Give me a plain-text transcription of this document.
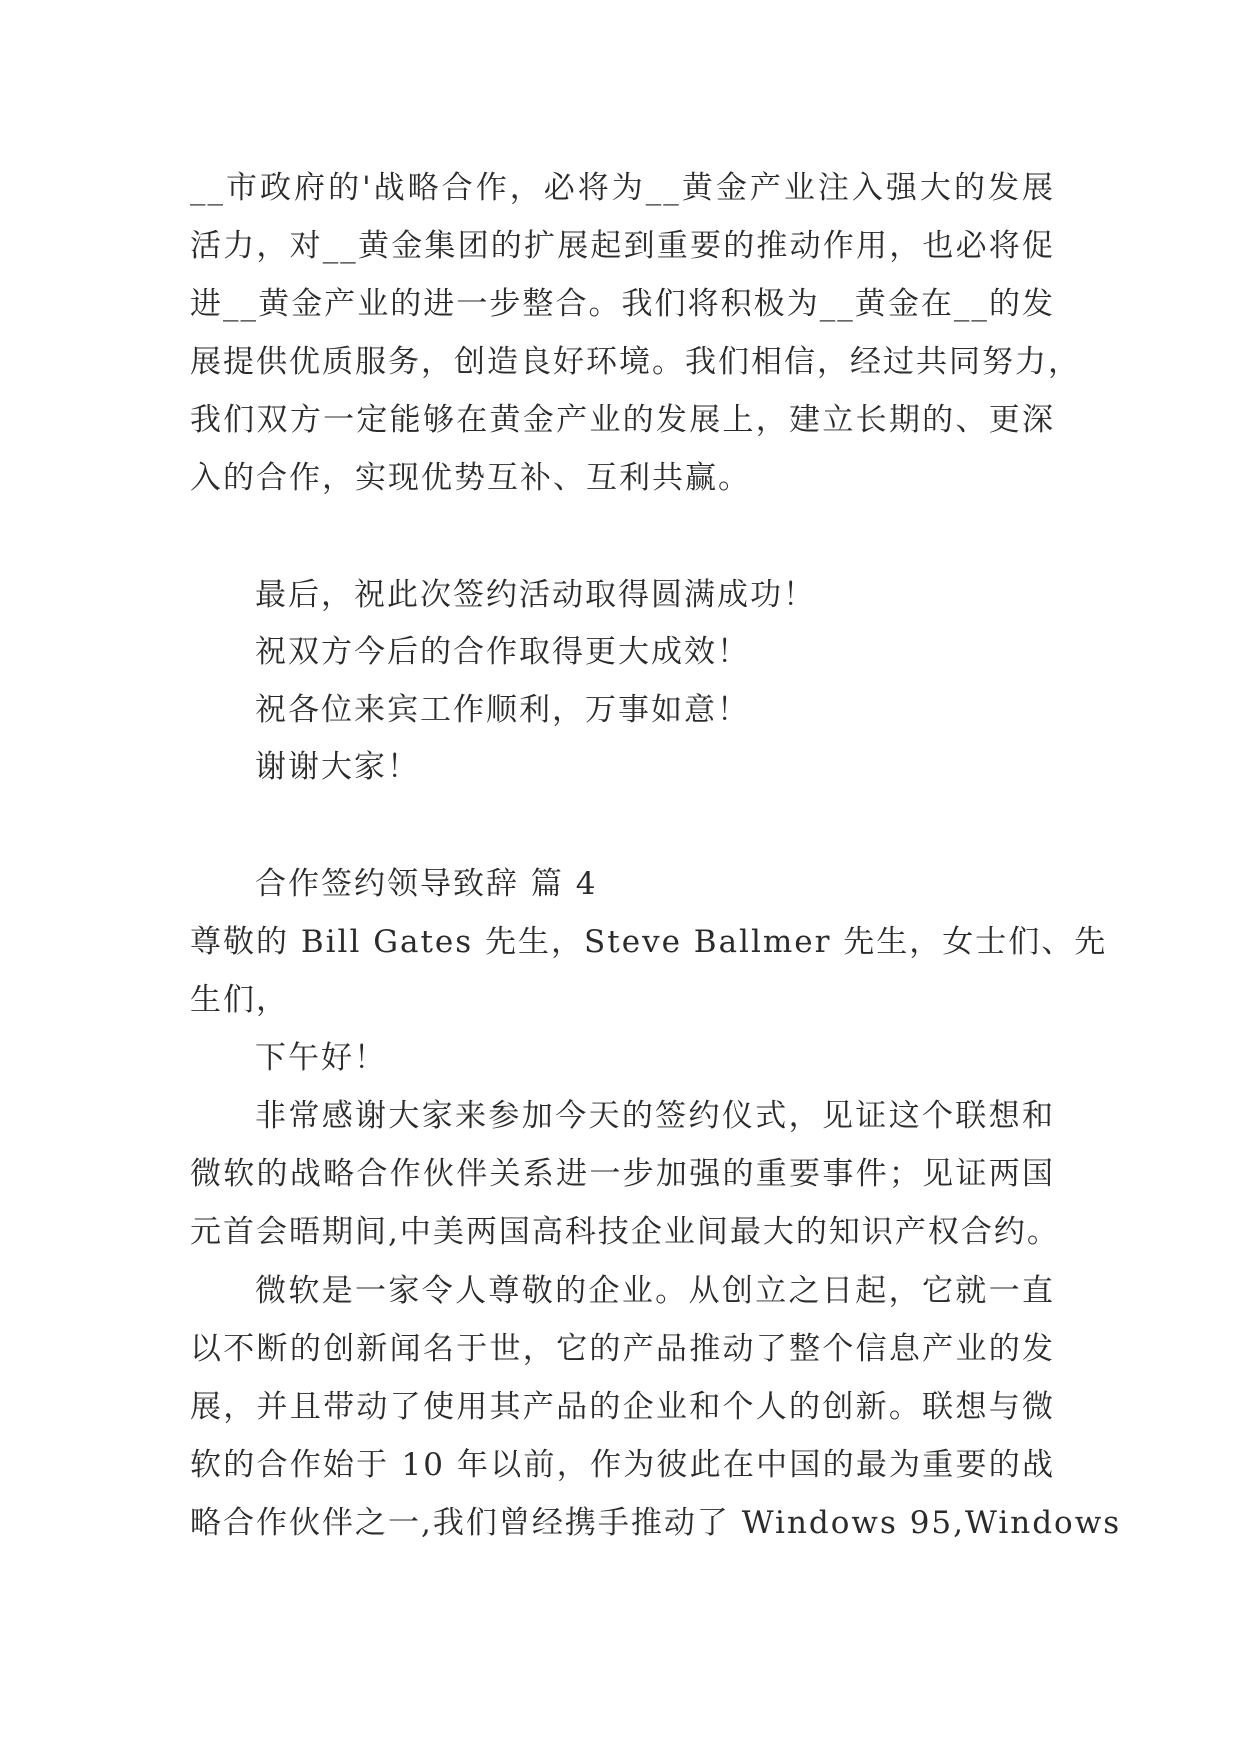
__市政府的'战略合作，必将为__黄金产业注入强大的发展
活力，对__黄金集团的扩展起到重要的推动作用，也必将促
进__黄金产业的进一步整合。我们将积极为__黄金在__的发
展提供优质服务，创造良好环境。我们相信，经过共同努力，
我们双方一定能够在黄金产业的发展上，建立长期的、更深
入的合作，实现优势互补、互利共赢。
最后，祝此次签约活动取得圆满成功！
祝双方今后的合作取得更大成效！
祝各位来宾工作顺利，万事如意！
谢谢大家！
合作签约领导致辞 篇 4
尊敬的 Bill Gates 先生，Steve Ballmer 先生，女士们、先
生们，
下午好！
非常感谢大家来参加今天的签约仪式，见证这个联想和
微软的战略合作伙伴关系进一步加强的重要事件；见证两国
元首会晤期间,中美两国高科技企业间最大的知识产权合约。
微软是一家令人尊敬的企业。从创立之日起，它就一直
以不断的创新闻名于世，它的产品推动了整个信息产业的发
展，并且带动了使用其产品的企业和个人的创新。联想与微
软的合作始于 10 年以前，作为彼此在中国的最为重要的战
略合作伙伴之一,我们曾经携手推动了 Windows 95,Windows
